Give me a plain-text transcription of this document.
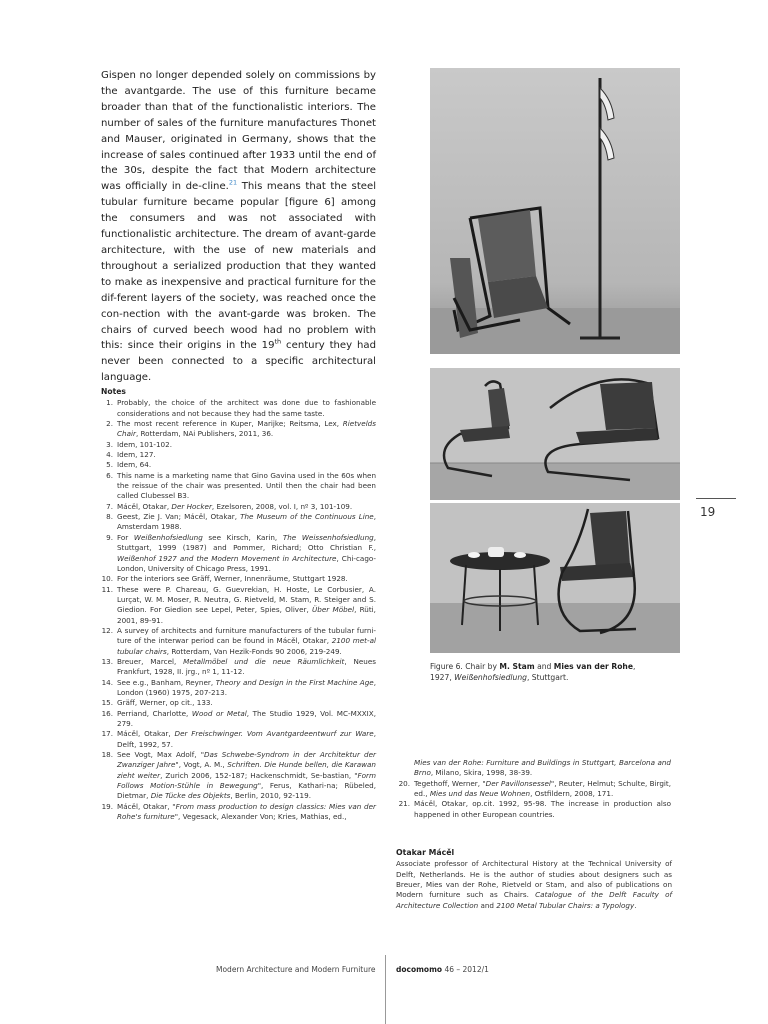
Gispen no longer depended solely on commissions by the avantgarde. The use of this furniture became broader than that of the functionalistic interiors. The number of sales of the furniture manufactures Thonet and Mauser, originated in Germany, shows that the increase of sales continued after 1933 until the end of the 30s, despite the fact that Modern architecture was officially in de-cline.$^{21}$ This means that the steel tubular furniture became popular [figure 6] among the consumers and was not associated with functionalistic architecture. The dream of avant-garde architecture, with the use of new materials and throughout a serialized production that they wanted to make as inexpensive and practical furniture for the dif-ferent layers of the society, was reached once the con-nection with the avant-garde was broken. The chairs of curved beech wood had no problem with this: since their origins in the 19th century they had never been connected to a specific architectural language.

Figure 6. Chair by M. Stam and Mies van der Rohe,
1927, Weißenhofsiedlung, Stuttgart.
19
Notes
1. Probably, the choice of the architect was done due to fashionable considerations and not because they had the same taste.
2. The most recent reference in Kuper, Marijke; Reitsma, Lex, Rietvelds Chair, Rotterdam, NAi Publishers, 2011, 36.
3. Idem, 101-102.
4. Idem, 127.
5. Idem, 64.
6. This name is a marketing name that Gino Gavina used in the 60s when the reissue of the chair was presented. Until then the chair had been called Clubessel B3.
7. Mácěl, Otakar, Der Hocker, Ezelsoren, 2008, vol. I, nº 3, 101-109.
8. Geest, Zie J. Van; Mácěl, Otakar, The Museum of the Continuous Line, Amsterdam 1988.
9. For Weißenhofsiedlung see Kirsch, Karin, The Weissenhofsiedlung, Stuttgart, 1999 (1987) and Pommer, Richard; Otto Christian F., Weißenhof 1927 and the Modern Movement in Architecture, Chi-cago-London, University of Chicago Press, 1991.
10. For the interiors see Gräff, Werner, Innenräume, Stuttgart 1928.
11. These were P. Chareau, G. Guevrekian, H. Hoste, Le Corbusier, A. Lurçat, W. M. Moser, R. Neutra, G. Rietveld, M. Stam, R. Steiger and S. Giedion. For Giedion see Lepel, Peter, Spies, Oliver, Über Möbel, Rüti, 2001, 89-91.
12. A survey of architects and furniture manufacturers of the tubular furni-ture of the interwar period can be found in Mácěl, Otakar, 2100 met-al tubular chairs, Rotterdam, Van Hezik-Fonds 90 2006, 219-249.
13. Breuer, Marcel, Metallmöbel und die neue Räumlichkeit, Neues Frankfurt, 1928, II. jrg., nº 1, 11-12.
14. See e.g., Banham, Reyner, Theory and Design in the First Machine Age, London (1960) 1975, 207-213.
15. Gräff, Werner, op cit., 133.
16. Perriand, Charlotte, Wood or Metal, The Studio 1929, Vol. MC-MXXIX, 279.
17. Mácěl, Otakar, Der Freischwinger. Vom Avantgardeentwurf zur Ware, Delft, 1992, 57.
18. See Vogt, Max Adolf, "Das Schwebe-Syndrom in der Architektur der Zwanziger Jahre", Vogt, A. M., Schriften. Die Hunde bellen, die Karawan zieht weiter, Zurich 2006, 152-187; Hackenschmidt, Se-bastian, "Form Follows Motion-Stühle in Bewegung", Ferus, Kathari-na; Rübeled, Dietmar, Die Tücke des Objekts, Berlin, 2010, 92-119.
19. Mácěl, Otakar, "From mass production to design classics: Mies van der Rohe's furniture", Vegesack, Alexander Von; Kries, Mathias, ed.,
Mies van der Rohe: Furniture and Buildings in Stuttgart, Barcelona and Brno, Milano, Skira, 1998, 38-39.
20. Tegethoff, Werner, "Der Pavillonsessel", Reuter, Helmut; Schulte, Birgit, ed., Mies und das Neue Wohnen, Ostfildern, 2008, 171.
21. Mácěl, Otakar, op.cit. 1992, 95-98. The increase in production also happened in other European countries.
Otakar Mácěl
Associate professor of Architectural History at the Technical University of Delft, Netherlands. He is the author of studies about designers such as Breuer, Mies van der Rohe, Rietveld or Stam, and also of publications on Modern furniture such as Chairs. Catalogue of the Delft Faculty of Architecture Collection and 2100 Metal Tubular Chairs: a Typology.
Modern Architecture and Modern Furniture	docomomo 46 – 2012/1
